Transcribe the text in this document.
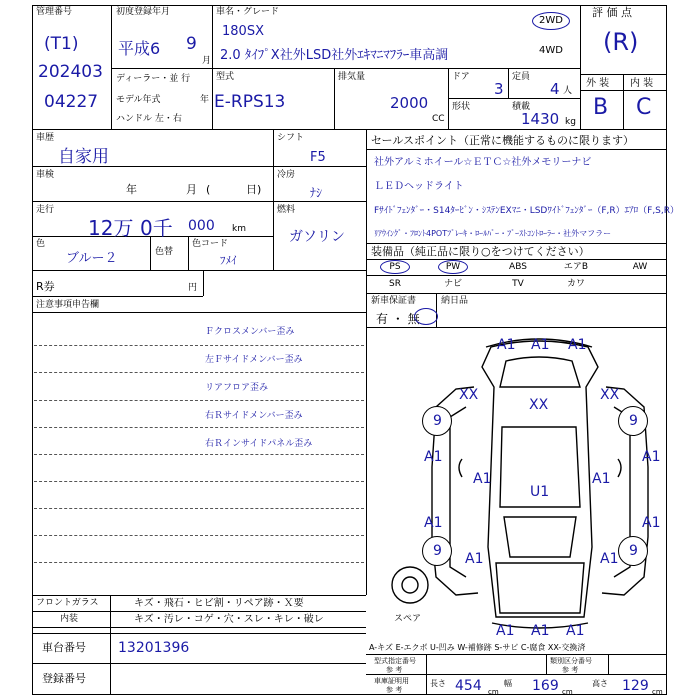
管理番号
(T1)
202403
04227
初度登録年月
平成6 9
月
ディーラー・並 行
モデル年式	年
ハンドル 左・右
車名・グレード
180SX
2.0 ﾀｲﾌﾟX社外LSD社外ｴｷﾏﾆﾏﾌﾗｰ車高調
2WD
4WD
評 価 点
(R)
外 装 内 装
B C
型式
E-RPS13
排気量
2000
CC
ドア
3
定員
4 人
形状	積載
1430 kg
車歴
自家用
シフト
F5
車検
年	月 (	日)
冷房
ﾅｼ
走行
12万 0千 000 km
燃料
ガソリン
色
ブルー２	色替
色コード
ﾌﾒｲ
R券	円
セールスポイント（正常に機能するものに限ります）
社外アルミホイール☆ＥＴＣ☆社外メモリーナビ
ＬＥＤヘッドライト
Fｻｲﾄﾞﾌｪﾝﾀﾞｰ・S14ﾀｰﾋﾞﾝ・ｼｽﾃﾝEXﾏﾆ・LSDﾜｲﾄﾞﾌｪﾝﾀﾞｰ（F,R）ｴｱﾛ（F,S,R）
ﾘｱｳｲﾝｸﾞ・ﾌﾛﾝﾄ4POTﾌﾞﾚｰｷ・ﾛｰﾙﾊﾞｰ・ﾌﾞｰｽﾄｺﾝﾄﾛｰﾗｰ・社外マフラー
装備品（純正品に限り○をつけてください）
PS	PW	ABS	エアB	AW
SR	ナビ	TV	カワ
新車保証書
有 ・ 無
納日品
注意事項申告欄
Ｆクロスメンバー歪み
左Ｆサイドメンバー歪み
リアフロア歪み
右Ｒサイドメンバー歪み
右Ｒインサイドパネル歪み
A1 A1 A1
XX
XX
XX
9	9
9	9
A1
A1
A1	A1
A1
A1
A1	A1
U1
A1 A1 A1
スペア
フロントガラス	キズ・飛石・ヒビ割・リペア跡・Ｘ要
内装	キズ・汚レ・コゲ・穴・スレ・キレ・破レ
車台番号 13201396
登録番号
A-キズ E-エクボ U-凹み W-補修跡 S-サビ C-腐食 XX-交換済
型式指定番号
参 考
類別区分番号
参 考
車庫証明用
参 考
長さ 454 cm
幅 169 cm
高さ 129 cm
